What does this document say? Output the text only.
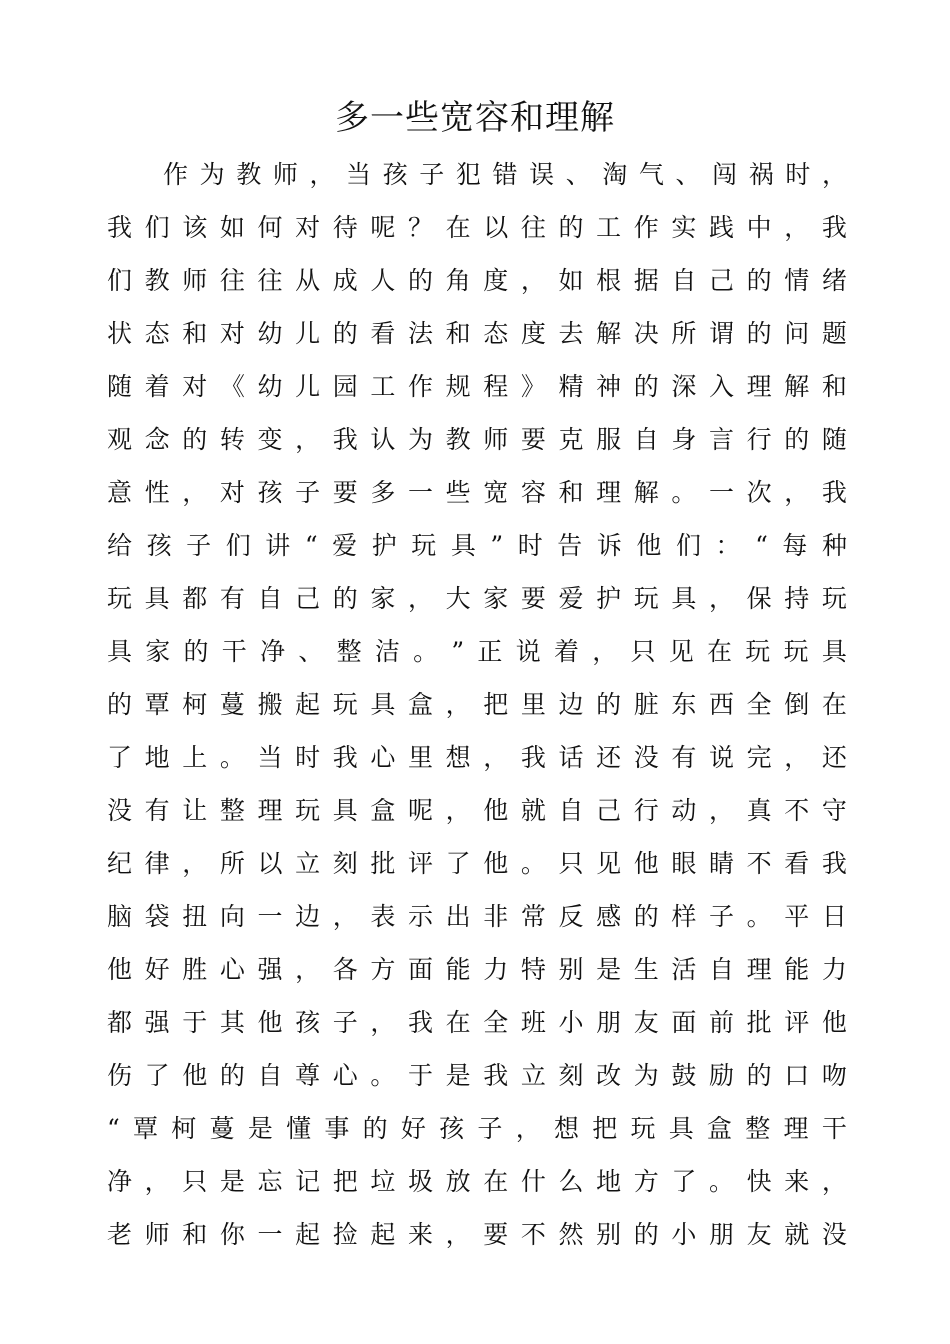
多一些宽容和理解
作 为 教 师 ， 当 孩 子 犯 错 误 、 淘 气 、 闯 祸 时 ，
我 们 该 如 何 对 待 呢 ？ 在 以 往 的 工 作 实 践 中 ， 我
们 教 师 往 往 从 成 人 的 角 度 ， 如 根 据 自 己 的 情 绪
状 态 和 对 幼 儿 的 看 法 和 态 度 去 解 决 所 谓 的 问 题
随 着 对 《 幼 儿 园 工 作 规 程 》 精 神 的 深 入 理 解 和
观 念 的 转 变 ， 我 认 为 教 师 要 克 服 自 身 言 行 的 随
意 性 ， 对 孩 子 要 多 一 些 宽 容 和 理 解 。 一 次 ， 我
给 孩 子 们 讲 “ 爱 护 玩 具 ” 时 告 诉 他 们 ： “ 每 种
玩 具 都 有 自 己 的 家 ， 大 家 要 爱 护 玩 具 ， 保 持 玩
具 家 的 干 净 、 整 洁 。 ” 正 说 着 ， 只 见 在 玩 玩 具
的 覃 柯 蔓 搬 起 玩 具 盒 ， 把 里 边 的 脏 东 西 全 倒 在
了 地 上 。 当 时 我 心 里 想 ， 我 话 还 没 有 说 完 ， 还
没 有 让 整 理 玩 具 盒 呢 ， 他 就 自 己 行 动 ， 真 不 守
纪 律 ， 所 以 立 刻 批 评 了 他 。 只 见 他 眼 睛 不 看 我
脑 袋 扭 向 一 边 ， 表 示 出 非 常 反 感 的 样 子 。 平 日
他 好 胜 心 强 ， 各 方 面 能 力 特 别 是 生 活 自 理 能 力
都 强 于 其 他 孩 子 ， 我 在 全 班 小 朋 友 面 前 批 评 他
伤 了 他 的 自 尊 心 。 于 是 我 立 刻 改 为 鼓 励 的 口 吻
“ 覃 柯 蔓 是 懂 事 的 好 孩 子 ， 想 把 玩 具 盒 整 理 干
净 ， 只 是 忘 记 把 垃 圾 放 在 什 么 地 方 了 。 快 来 ，
老 师 和 你 一 起 捡 起 来 ， 要 不 然 别 的 小 朋 友 就 没
